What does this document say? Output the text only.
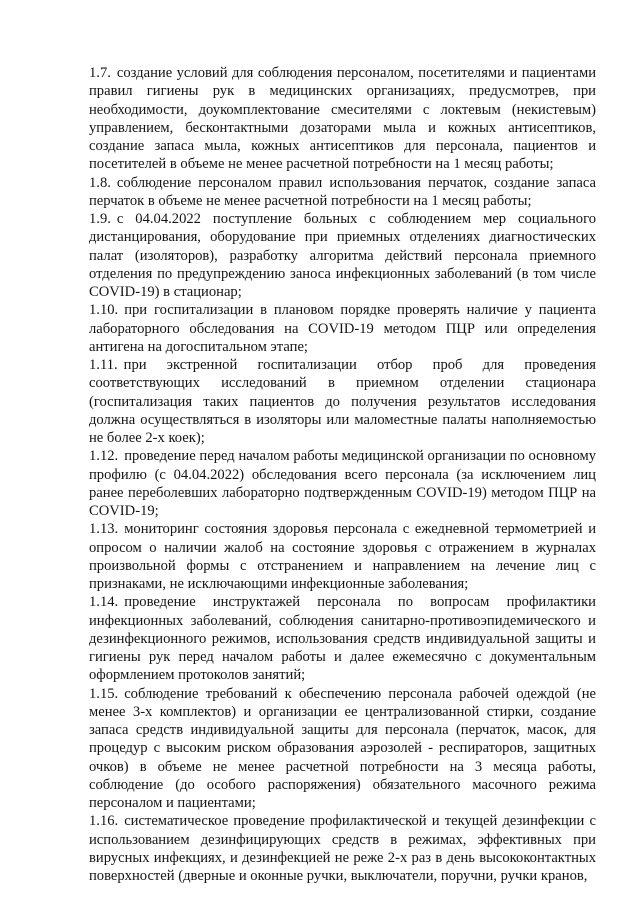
1.7. создание условий для соблюдения персоналом, посетителями и пациентами правил гигиены рук в медицинских организациях, предусмотрев, при необходимости, доукомплектование смесителями с локтевым (некистевым) управлением, бесконтактными дозаторами мыла и кожных антисептиков, создание запаса мыла, кожных антисептиков для персонала, пациентов и посетителей в объеме не менее расчетной потребности на 1 месяц работы;

1.8. соблюдение персоналом правил использования перчаток, создание запаса перчаток в объеме не менее расчетной потребности на 1 месяц работы;

1.9. с 04.04.2022 поступление больных с соблюдением мер социального дистанцирования, оборудование при приемных отделениях диагностических палат (изоляторов), разработку алгоритма действий персонала приемного отделения по предупреждению заноса инфекционных заболеваний (в том числе COVID-19) в стационар;

1.10. при госпитализации в плановом порядке проверять наличие у пациента лабораторного обследования на COVID-19 методом ПЦР или определения антигена на догоспитальном этапе;

1.11. при экстренной госпитализации отбор проб для проведения соответствующих исследований в приемном отделении стационара (госпитализация таких пациентов до получения результатов исследования должна осуществляться в изоляторы или маломестные палаты наполняемостью не более 2-х коек);

1.12. проведение перед началом работы медицинской организации по основному профилю (с 04.04.2022) обследования всего персонала (за исключением лиц ранее переболевших лабораторно подтвержденным COVID-19) методом ПЦР на COVID-19;

1.13. мониторинг состояния здоровья персонала с ежедневной термометрией и опросом о наличии жалоб на состояние здоровья с отражением в журналах произвольной формы с отстранением и направлением на лечение лиц с признаками, не исключающими инфекционные заболевания;

1.14. проведение инструктажей персонала по вопросам профилактики инфекционных заболеваний, соблюдения санитарно-противоэпидемического и дезинфекционного режимов, использования средств индивидуальной защиты и гигиены рук перед началом работы и далее ежемесячно с документальным оформлением протоколов занятий;

1.15. соблюдение требований к обеспечению персонала рабочей одеждой (не менее 3-х комплектов) и организации ее централизованной стирки, создание запаса средств индивидуальной защиты для персонала (перчаток, масок, для процедур с высоким риском образования аэрозолей - респираторов, защитных очков) в объеме не менее расчетной потребности на 3 месяца работы, соблюдение (до особого распоряжения) обязательного масочного режима персоналом и пациентами;

1.16. систематическое проведение профилактической и текущей дезинфекции с использованием дезинфицирующих средств в режимах, эффективных при вирусных инфекциях, и дезинфекцией не реже 2-х раз в день высококонтактных поверхностей (дверные и оконные ручки, выключатели, поручни, ручки кранов,
